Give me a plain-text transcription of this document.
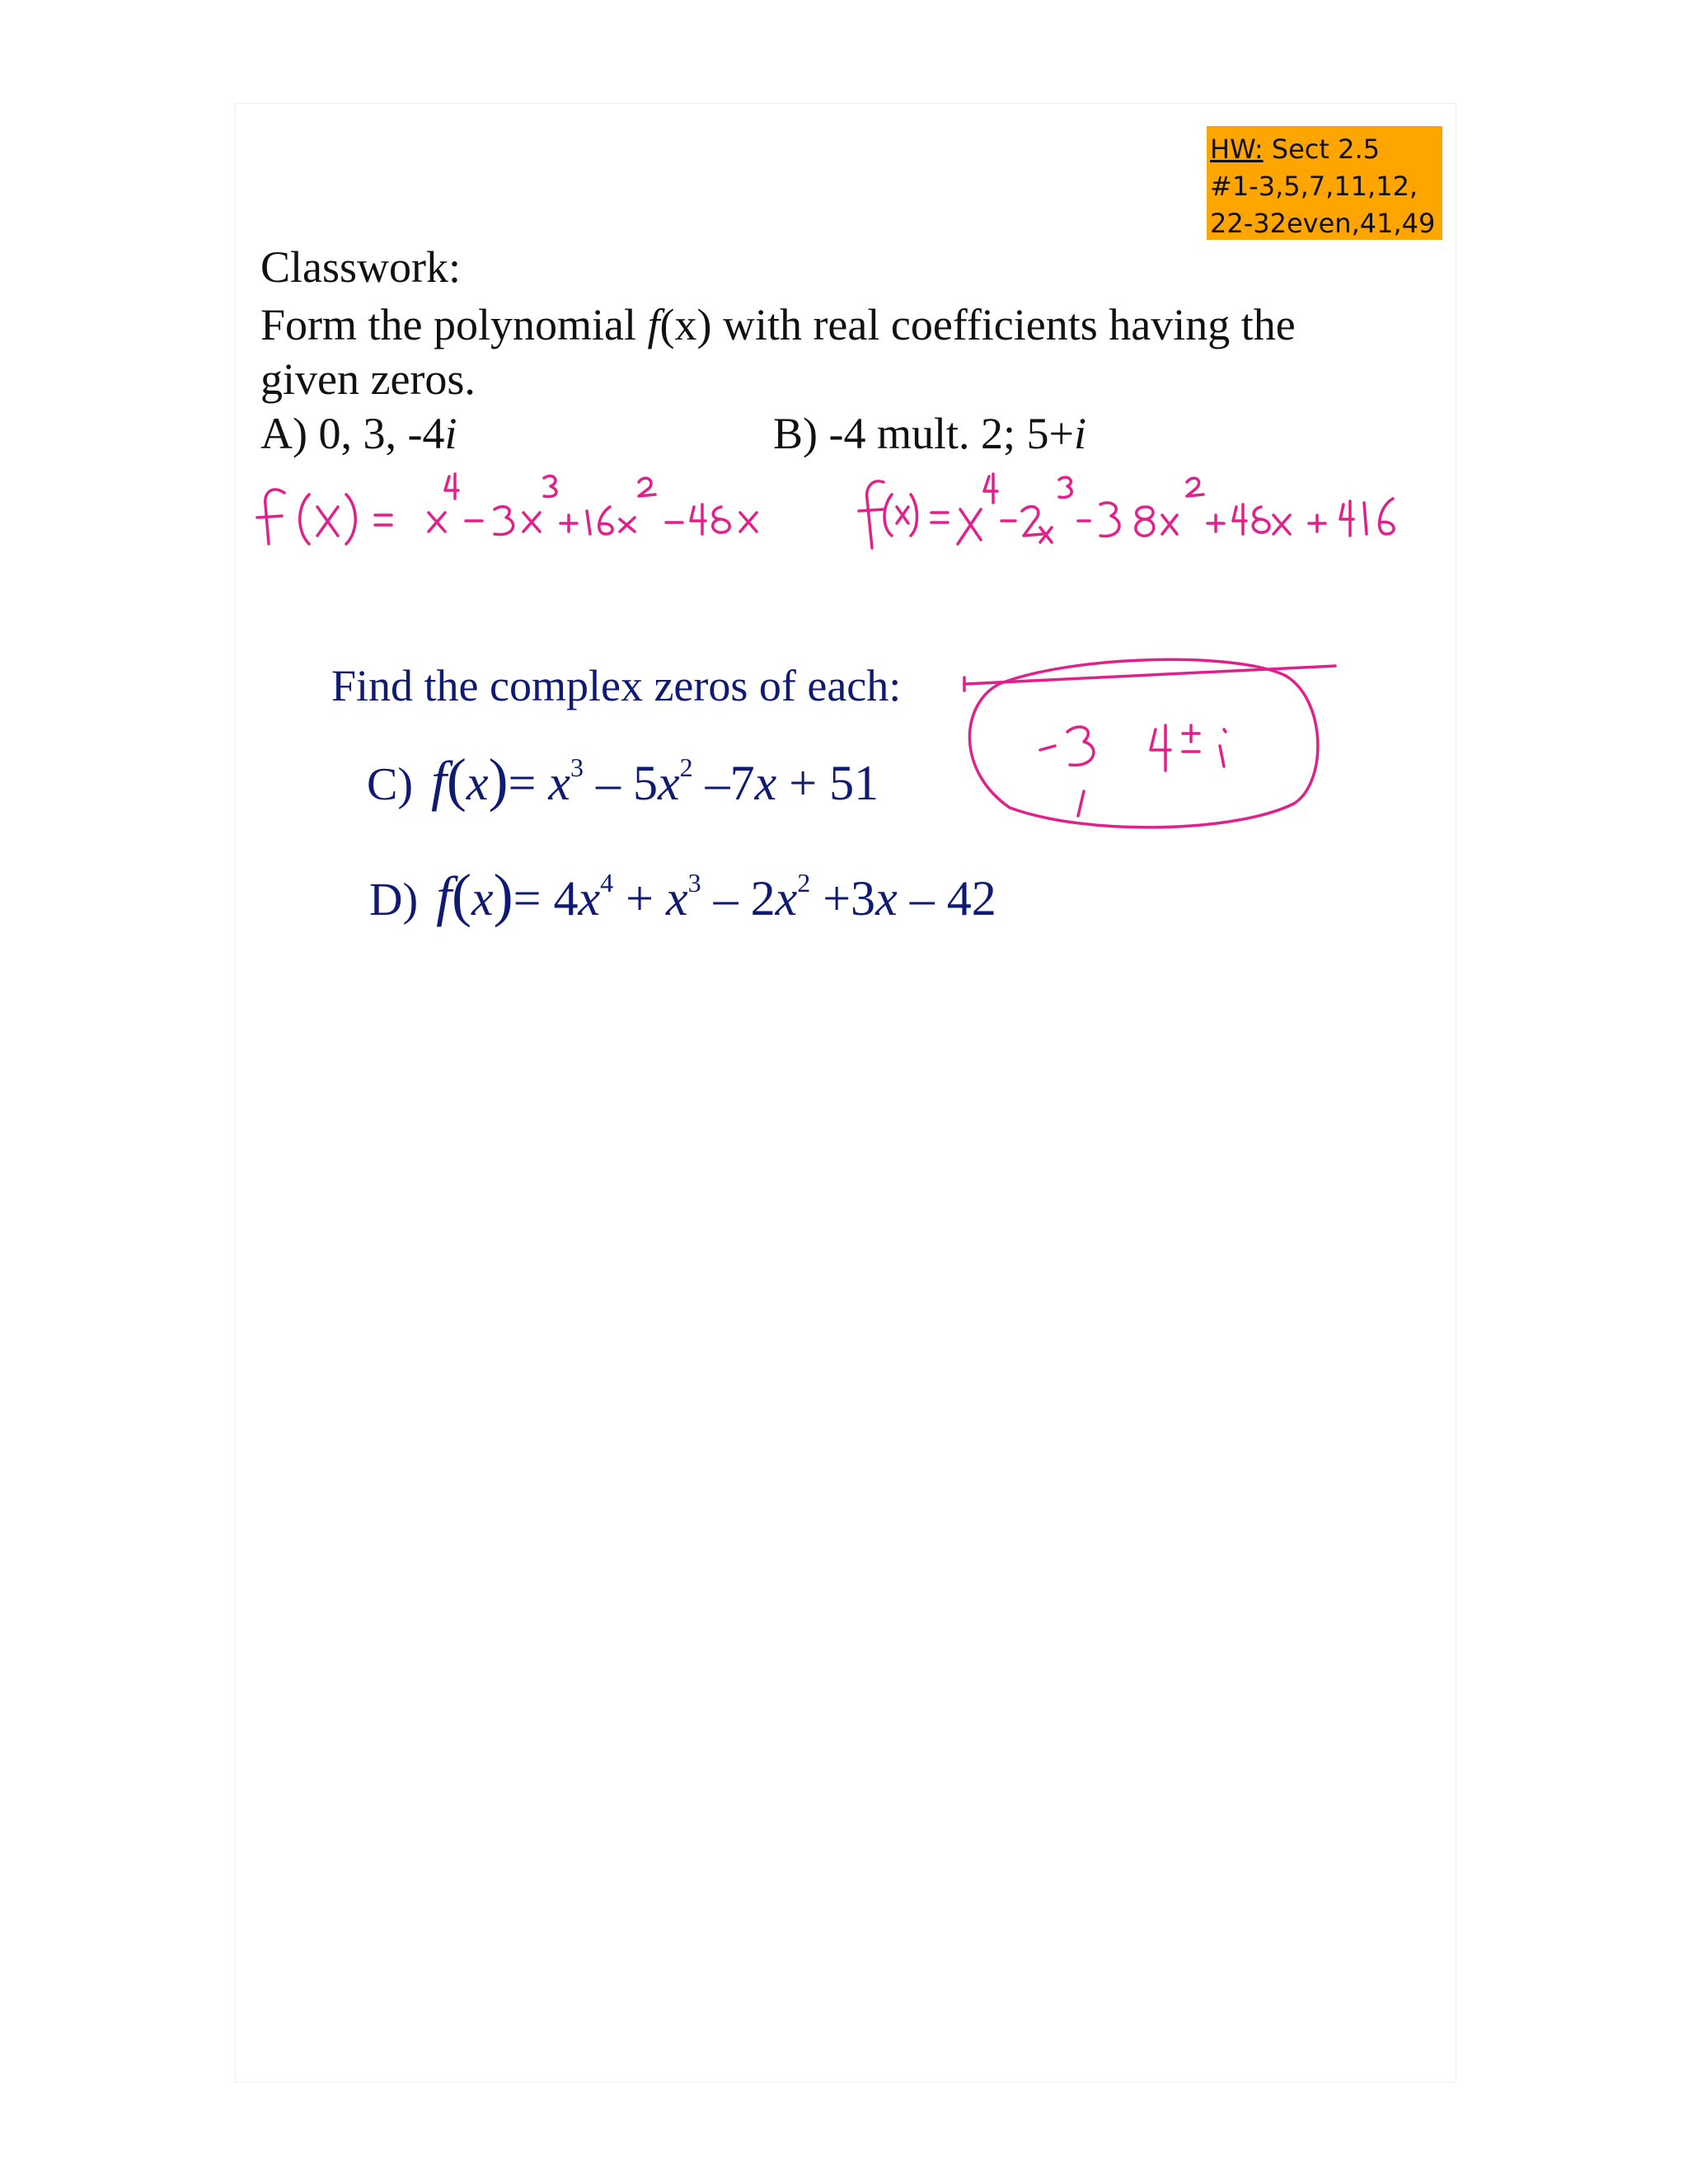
HW: Sect 2.5
#1-3,5,7,11,12,
22-32even,41,49
Classwork:
Form the polynomial f(x) with real coefficients having the
given zeros.
A) 0, 3, -4i	B) -4 mult. 2; 5+i
Find the complex zeros of each:
C) $f(x)= x^3 - 5x^2$ –7x + 51
D) $f(x)= 4x^4 + x^3 - 2x^2 +3x - 42$
